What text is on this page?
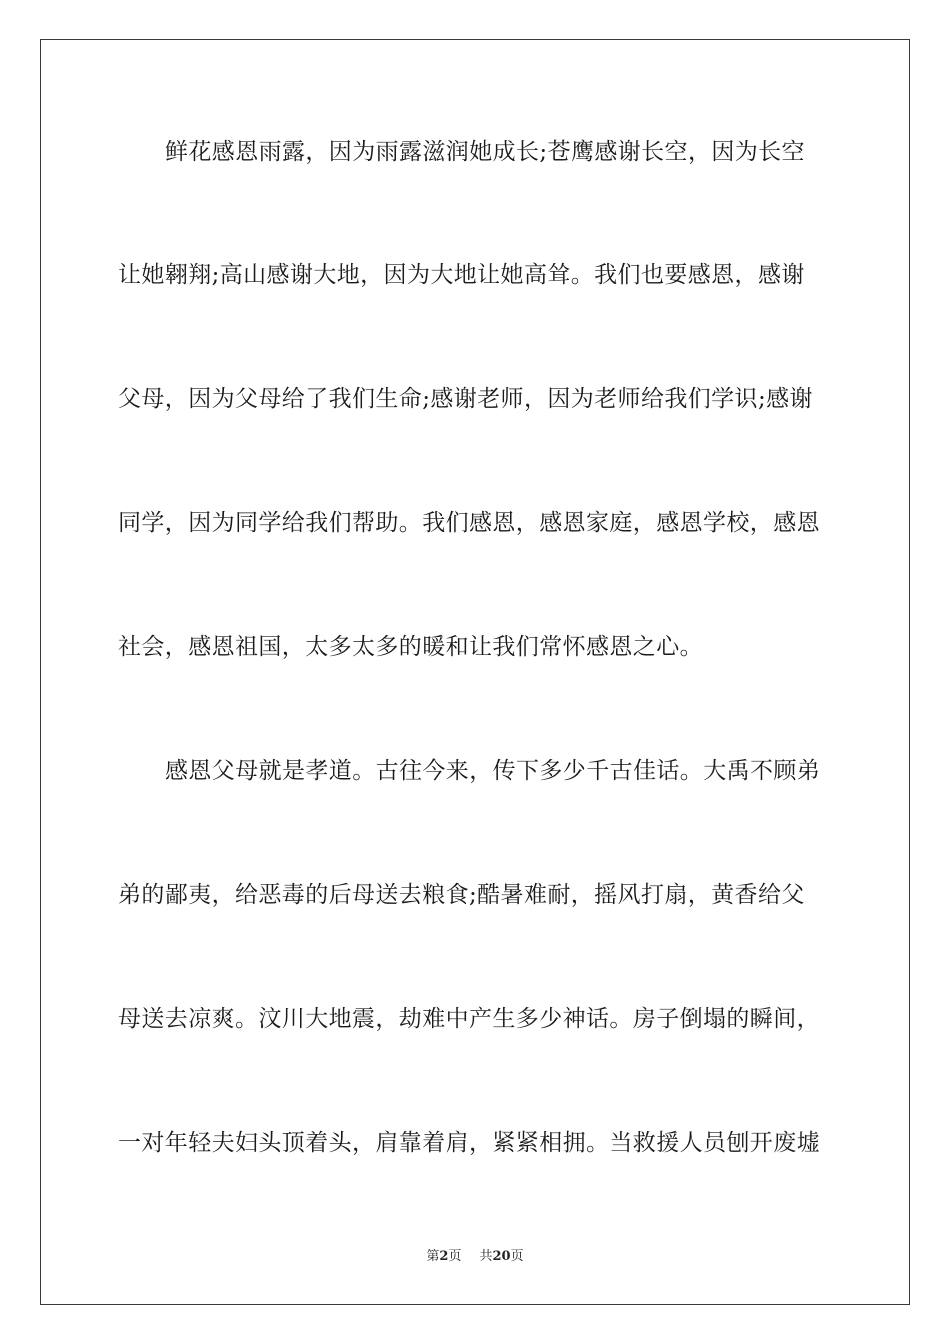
鲜花感恩雨露，因为雨露滋润她成长;苍鹰感谢长空，因为长空
让她翱翔;高山感谢大地，因为大地让她高耸。我们也要感恩，感谢
父母，因为父母给了我们生命;感谢老师，因为老师给我们学识;感谢
同学，因为同学给我们帮助。我们感恩，感恩家庭，感恩学校，感恩
社会，感恩祖国，太多太多的暖和让我们常怀感恩之心。
感恩父母就是孝道。古往今来，传下多少千古佳话。大禹不顾弟
弟的鄙夷，给恶毒的后母送去粮食;酷暑难耐，摇风打扇，黄香给父
母送去凉爽。汶川大地震，劫难中产生多少神话。房子倒塌的瞬间，
一对年轻夫妇头顶着头，肩靠着肩，紧紧相拥。当救援人员刨开废墟
第2页 共20页
